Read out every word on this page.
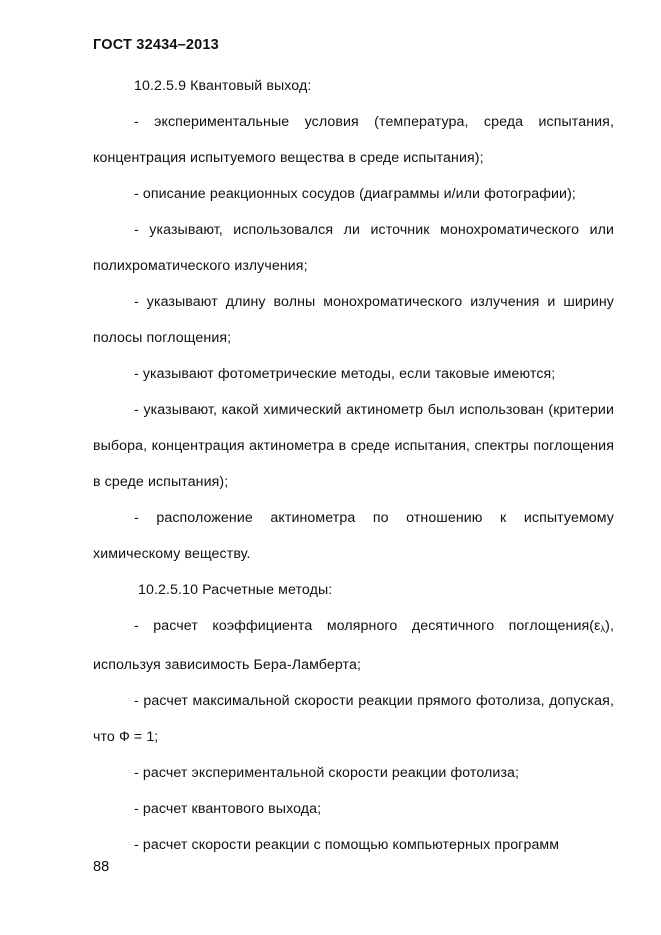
ГОСТ 32434–2013

10.2.5.9 Квантовый выход:

- экспериментальные условия (температура, среда испытания, концентрация испытуемого вещества в среде испытания);

- описание реакционных сосудов (диаграммы и/или фотографии);

- указывают, использовался ли источник монохроматического или полихроматического излучения;

- указывают длину волны монохроматического излучения и ширину полосы поглощения;

- указывают фотометрические методы, если таковые имеются;

- указывают, какой химический актинометр был использован (критерии выбора, концентрация актинометра в среде испытания, спектры поглощения в среде испытания);

- расположение актинометра по отношению к испытуемому химическому веществу.

10.2.5.10 Расчетные методы:

- расчет коэффициента молярного десятичного $поглощения(\varepsilon_\lambda)$, используя зависимость Бера-Ламберта;

- расчет максимальной скорости реакции прямого фотолиза, допуская, что Ф = 1;

- расчет экспериментальной скорости реакции фотолиза;

- расчет квантового выхода;

- расчет скорости реакции с помощью компьютерных программ

88
